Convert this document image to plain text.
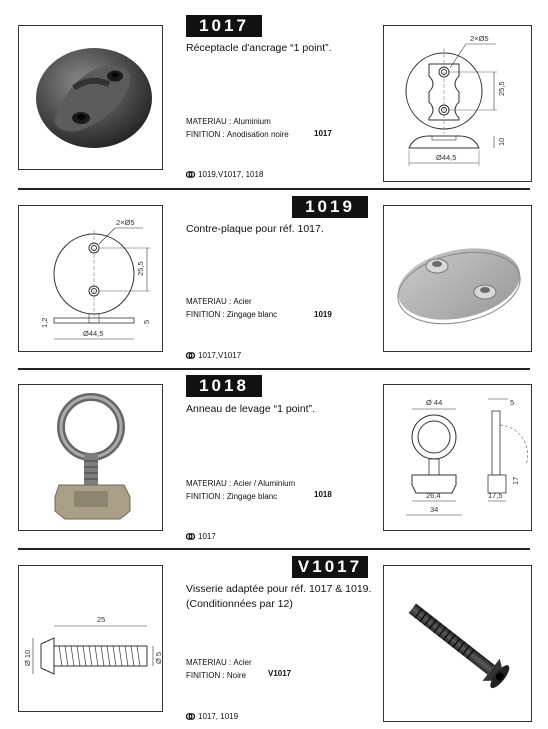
1017
Réceptacle d'ancrage “1 point”.
MATERIAU :
Aluminium
FINITION :
Anodisation noire	1017
1019,V1017, 1018
2×Ø5
25,5
10
Ø44,5
2×Ø5
25,5
1,2	5
Ø44,5
1019
Contre-plaque pour réf. 1017.
MATERIAU :
Acier
FINITION :
Zingage blanc	1019
1017,V1017
1018
Anneau de levage “1 point”.
MATERIAU :
Acier / Aluminium
FINITION :
Zingage blanc	1018
1017
Ø 44
26,4
34
5
17,5
17
25
Ø 10	Ø 5
V1017
Visserie adaptée pour réf. 1017 & 1019.
(Conditionnées par 12)
MATERIAU :
Acier
FINITION :
Noire	V1017
1017, 1019
